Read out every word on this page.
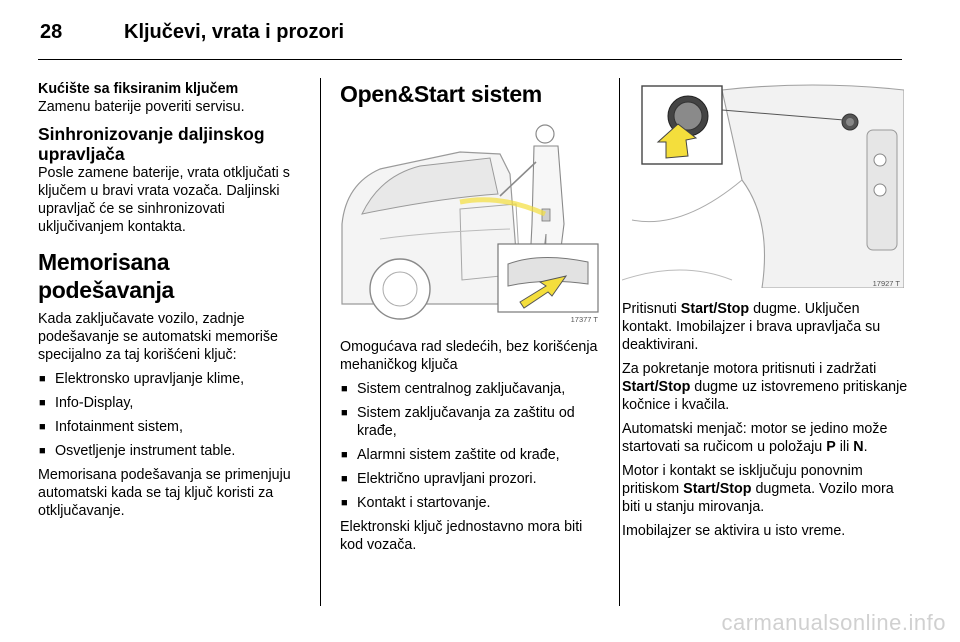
28	Ključevi, vrata i prozori
Kućište sa fiksiranim ključem

Zamenu baterije poveriti servisu.

Sinhronizovanje daljinskog upravljača

Posle zamene baterije, vrata otključati s ključem u bravi vrata vozača. Daljinski upravljač će se sinhronizovati uključivanjem kontakta.

Memorisana podešavanja

Kada zaključavate vozilo, zadnje podešavanje se automatski memoriše specijalno za taj korišćeni ključ:

■ Elektronsko upravljanje klime,
■ Info-Display,
■ Infotainment sistem,
■ Osvetljenje instrument table.

Memorisana podešavanja se primenjuju automatski kada se taj ključ koristi za otključavanje.

Open&Start sistem
17377 T

Omogućava rad sledećih, bez korišćenja mehaničkog ključa

■ Sistem centralnog zaključavanja,
■ Sistem zaključavanja za zaštitu od krađe,
■ Alarmni sistem zaštite od krađe,
■ Električno upravljani prozori.
■ Kontakt i startovanje.

Elektronski ključ jednostavno mora biti kod vozača.

17927 T

Pritisnuti Start/Stop dugme. Uključen kontakt. Imobilajzer i brava upravljača su deaktivirani.

Za pokretanje motora pritisnuti i zadržati Start/Stop dugme uz istovremeno pritiskanje kočnice i kvačila.

Automatski menjač: motor se jedino može startovati sa ručicom u položaju P ili N.

Motor i kontakt se isključuju ponovnim pritiskom Start/Stop dugmeta. Vozilo mora biti u stanju mirovanja.

Imobilajzer se aktivira u isto vreme.

carmanualsonline.info
